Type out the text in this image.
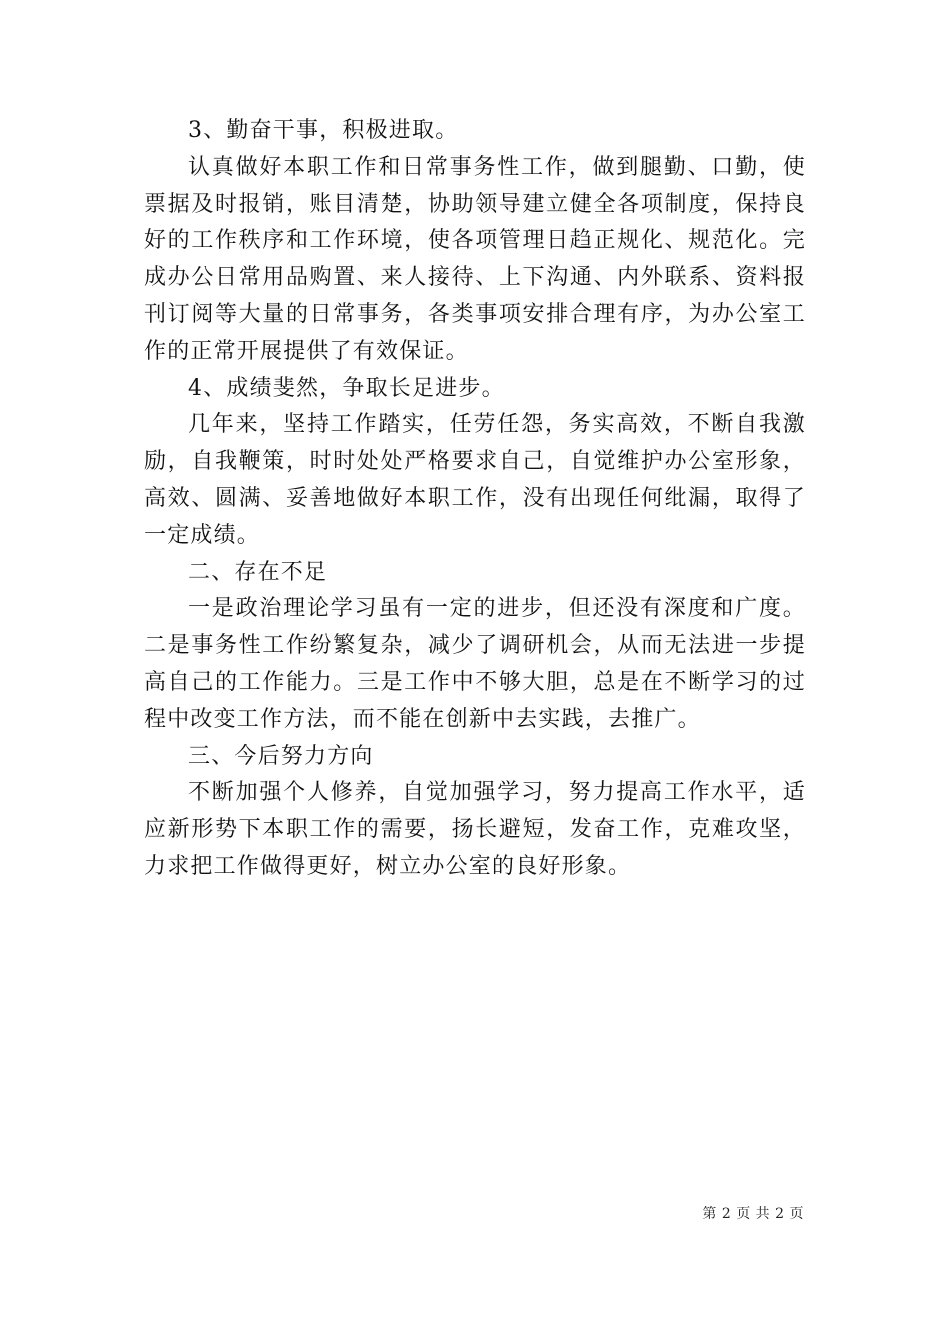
3、勤奋干事，积极进取。

认真做好本职工作和日常事务性工作，做到腿勤、口勤，使票据及时报销，账目清楚，协助领导建立健全各项制度，保持良好的工作秩序和工作环境，使各项管理日趋正规化、规范化。完成办公日常用品购置、来人接待、上下沟通、内外联系、资料报刊订阅等大量的日常事务，各类事项安排合理有序，为办公室工作的正常开展提供了有效保证。

4、成绩斐然，争取长足进步。

几年来，坚持工作踏实，任劳任怨，务实高效，不断自我激励，自我鞭策，时时处处严格要求自己，自觉维护办公室形象，高效、圆满、妥善地做好本职工作，没有出现任何纰漏，取得了一定成绩。

二、存在不足

一是政治理论学习虽有一定的进步，但还没有深度和广度。二是事务性工作纷繁复杂，减少了调研机会，从而无法进一步提高自己的工作能力。三是工作中不够大胆，总是在不断学习的过程中改变工作方法，而不能在创新中去实践，去推广。

三、今后努力方向

不断加强个人修养，自觉加强学习，努力提高工作水平，适应新形势下本职工作的需要，扬长避短，发奋工作，克难攻坚，力求把工作做得更好，树立办公室的良好形象。

第 2 页 共 2 页
